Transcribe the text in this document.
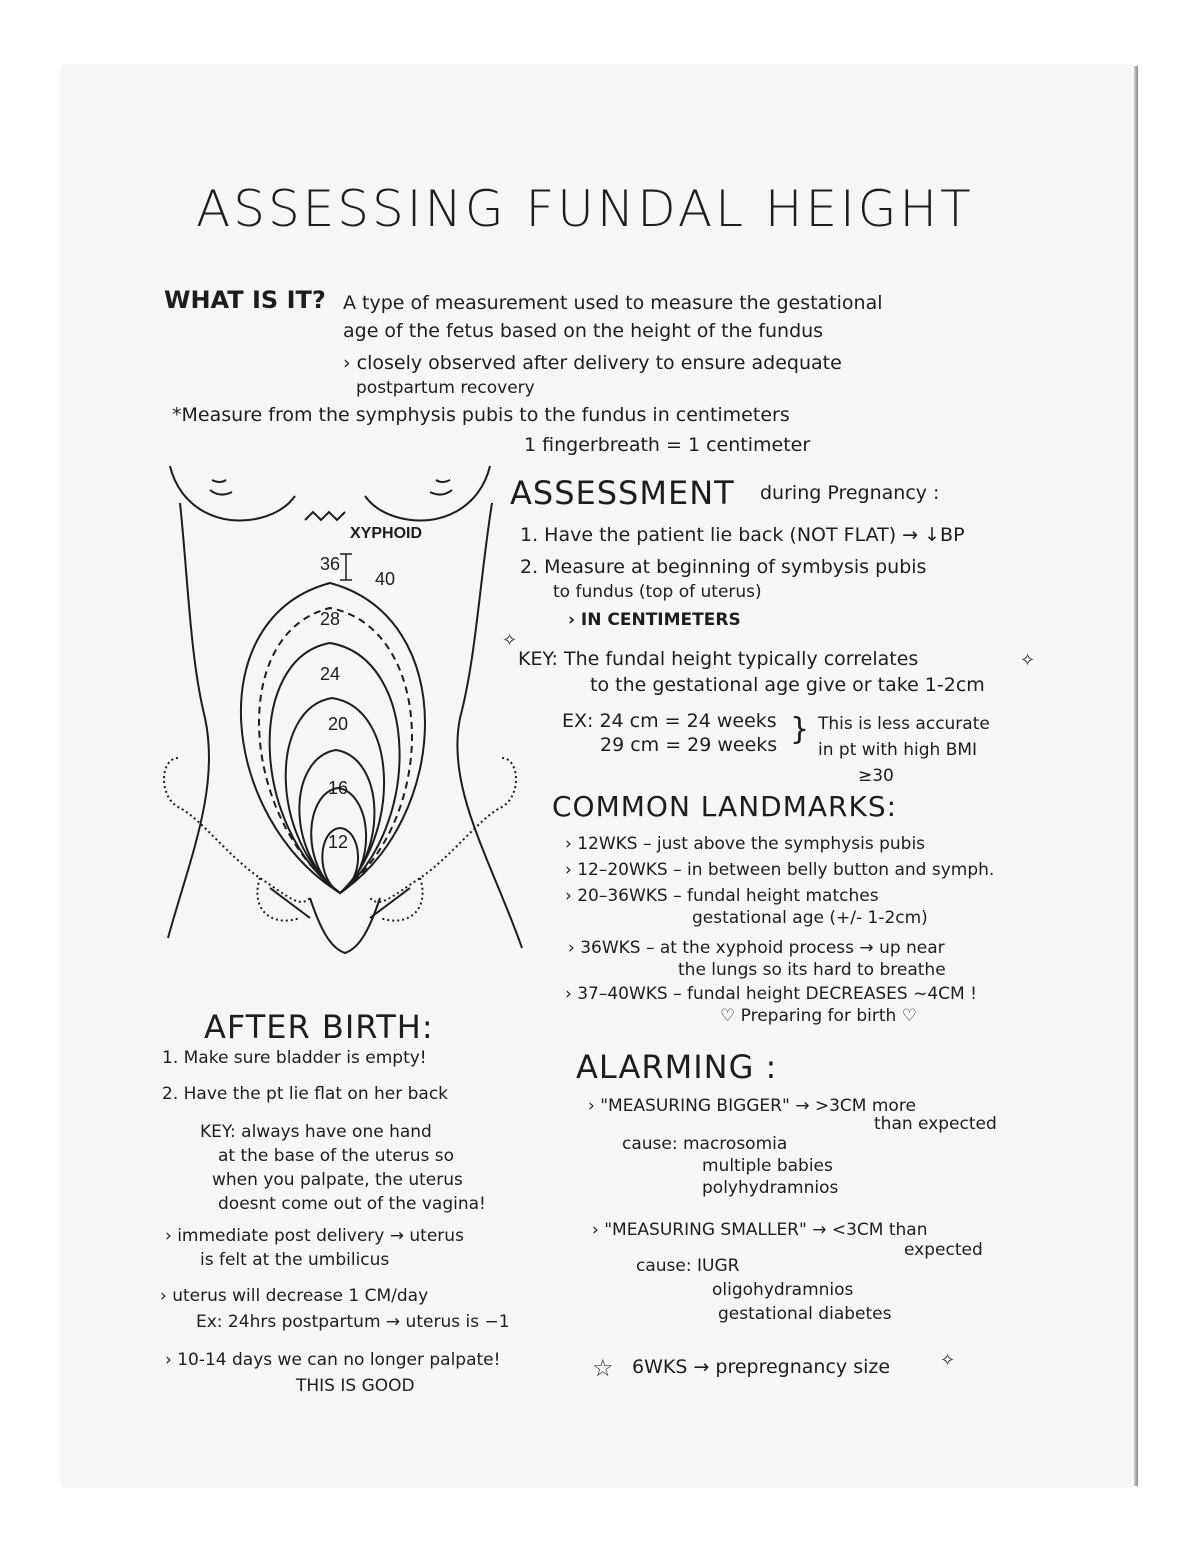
ASSESSING FUNDAL HEIGHT
WHAT IS IT? A type of measurement used to measure the gestational
age of the fetus based on the height of the fundus
› closely observed after delivery to ensure adequate
postpartum recovery
*Measure from the symphysis pubis to the fundus in centimeters
1 fingerbreath = 1 centimeter
XYPHOID
36
40
28
24
20
16
12
ASSESSMENT during Pregnancy :
1. Have the patient lie back (NOT FLAT) → ↓BP
2. Measure at beginning of symbysis pubis
to fundus (top of uterus)
› IN CENTIMETERS
✧
KEY: The fundal height typically correlates
to the gestational age give or take 1-2cm
✧
EX: 24 cm = 24 weeks
29 cm = 29 weeks } This is less accurate
in pt with high BMI
≥30
COMMON LANDMARKS:
› 12WKS – just above the symphysis pubis
› 12–20WKS – in between belly button and symph.
› 20–36WKS – fundal height matches
gestational age (+/- 1-2cm)
› 36WKS – at the xyphoid process → up near
the lungs so its hard to breathe
› 37–40WKS – fundal height DECREASES ~4CM !
♡ Preparing for birth ♡
AFTER BIRTH:
1. Make sure bladder is empty!
2. Have the pt lie flat on her back
KEY: always have one hand
at the base of the uterus so
when you palpate, the uterus
doesnt come out of the vagina!
› immediate post delivery → uterus
is felt at the umbilicus
› uterus will decrease 1 CM/day
Ex: 24hrs postpartum → uterus is −1
› 10-14 days we can no longer palpate!
THIS IS GOOD
ALARMING :
› "MEASURING BIGGER" → >3CM more
than expected
cause: macrosomia
multiple babies
polyhydramnios
› "MEASURING SMALLER" → <3CM than
expected
cause: IUGR
oligohydramnios
gestational diabetes
☆ 6WKS → prepregnancy size	✧
